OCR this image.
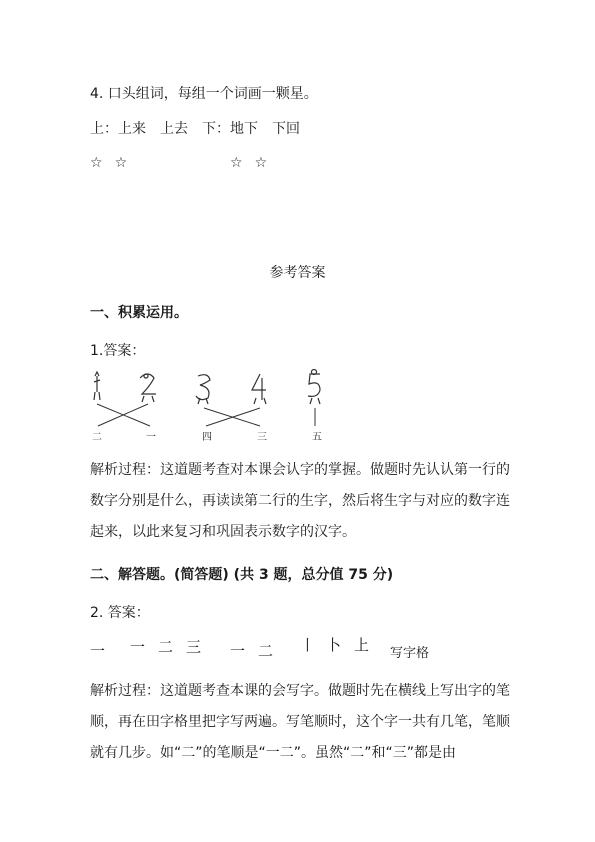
4. 口头组词，每组一个词画一颗星。
上：上来　上去　下：地下　下回
☆ ☆	☆ ☆
参考答案
一、积累运用。
1.答案：
二	一	四	三	五
解析过程：这道题考查对本课会认字的掌握。做题时先认认第一行的数字分别是什么，再读读第二行的生字，然后将生字与对应的数字连起来，以此来复习和巩固表示数字的汉字。
二、解答题。(简答题) (共 3 题，总分值 75 分)
2. 答案：
一 一 二 三 一 二 丨 卜 上 写字格
解析过程：这道题考查本课的会写字。做题时先在横线上写出字的笔顺，再在田字格里把字写两遍。写笔顺时，这个字一共有几笔，笔顺就有几步。如“二”的笔顺是“一二”。虽然“二”和“三”都是由
